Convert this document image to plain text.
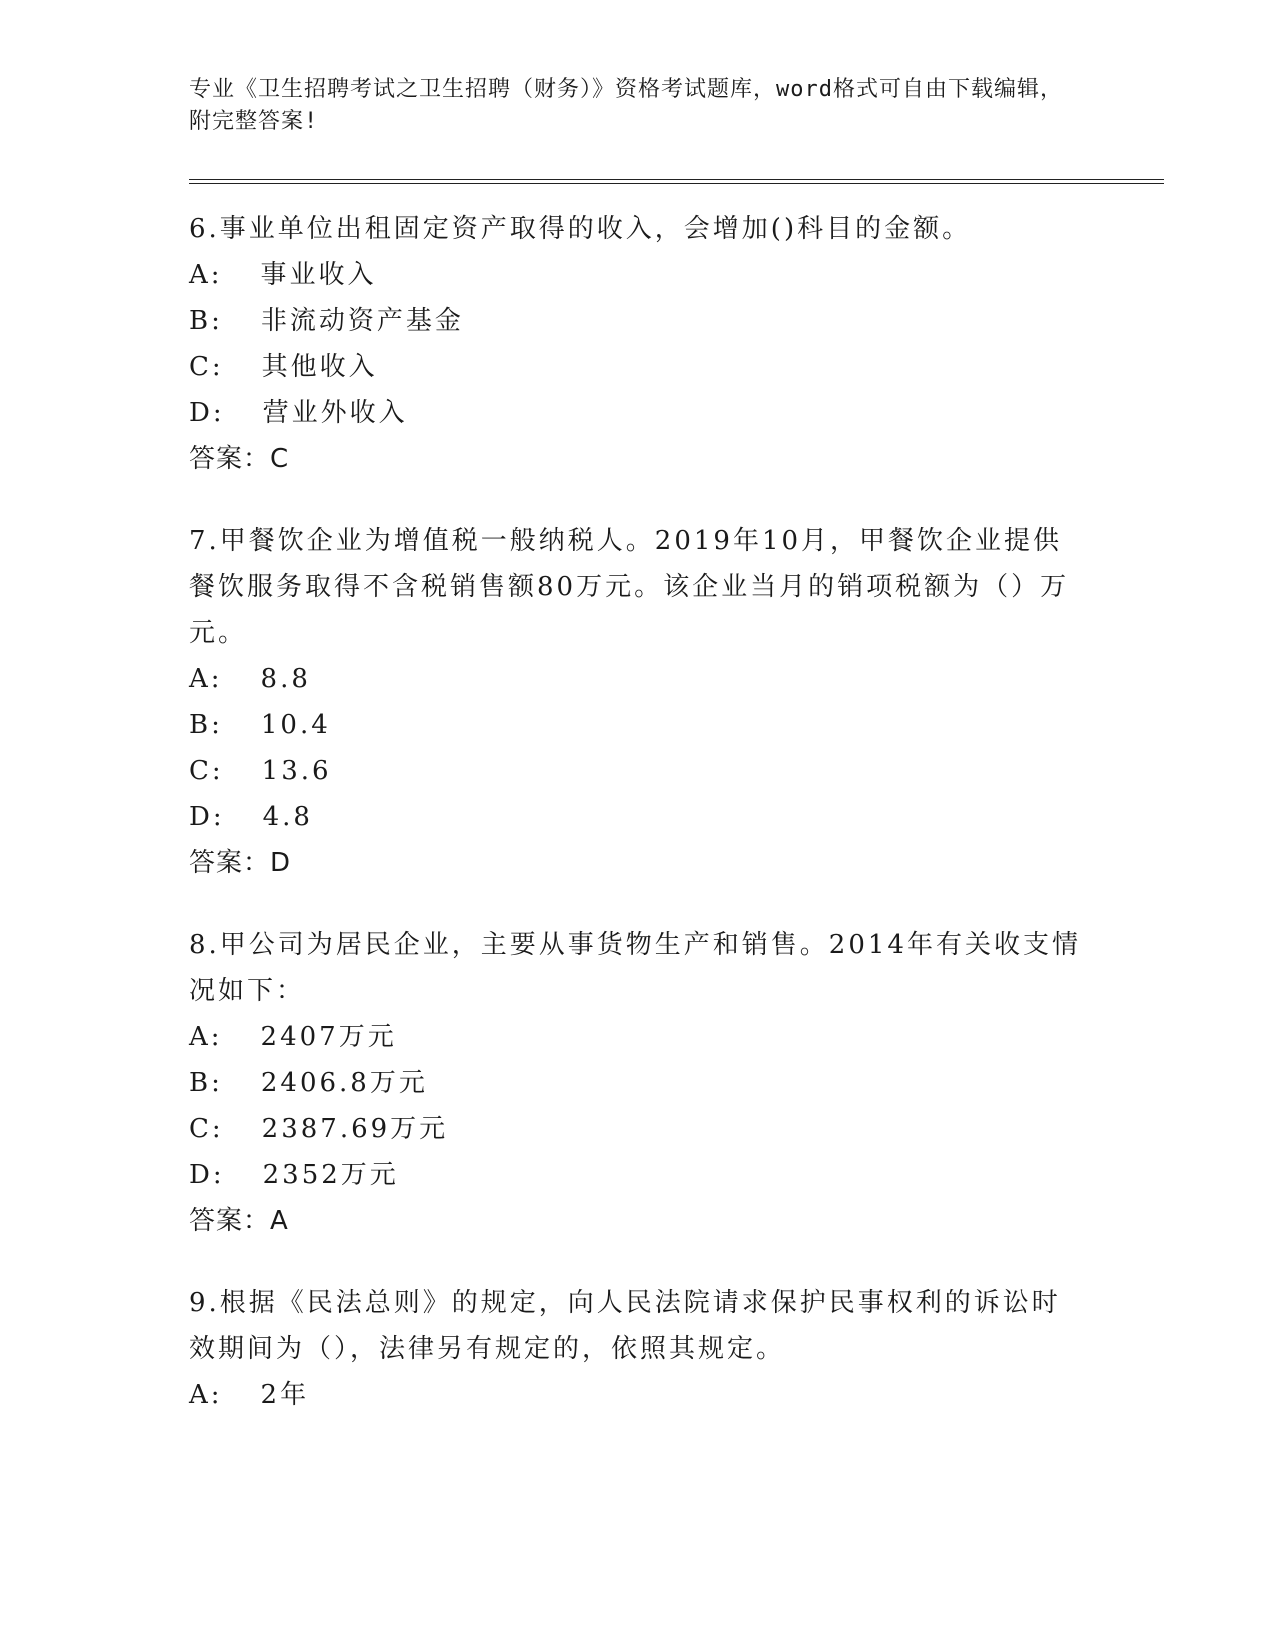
专业《卫生招聘考试之卫生招聘（财务）》资格考试题库，word格式可自由下载编辑，附完整答案!

6.事业单位出租固定资产取得的收入，会增加()科目的金额。

A: 事业收入

B: 非流动资产基金

C: 其他收入

D: 营业外收入

答案：C

7.甲餐饮企业为增值税一般纳税人。2019年10月，甲餐饮企业提供餐饮服务取得不含税销售额80万元。该企业当月的销项税额为（）万元。

A: 8.8

B: 10.4

C: 13.6

D: 4.8

答案：D

8.甲公司为居民企业，主要从事货物生产和销售。2014年有关收支情况如下：

A: 2407万元

B: 2406.8万元

C: 2387.69万元

D: 2352万元

答案：A

9.根据《民法总则》的规定，向人民法院请求保护民事权利的诉讼时效期间为（），法律另有规定的，依照其规定。

A: 2年
